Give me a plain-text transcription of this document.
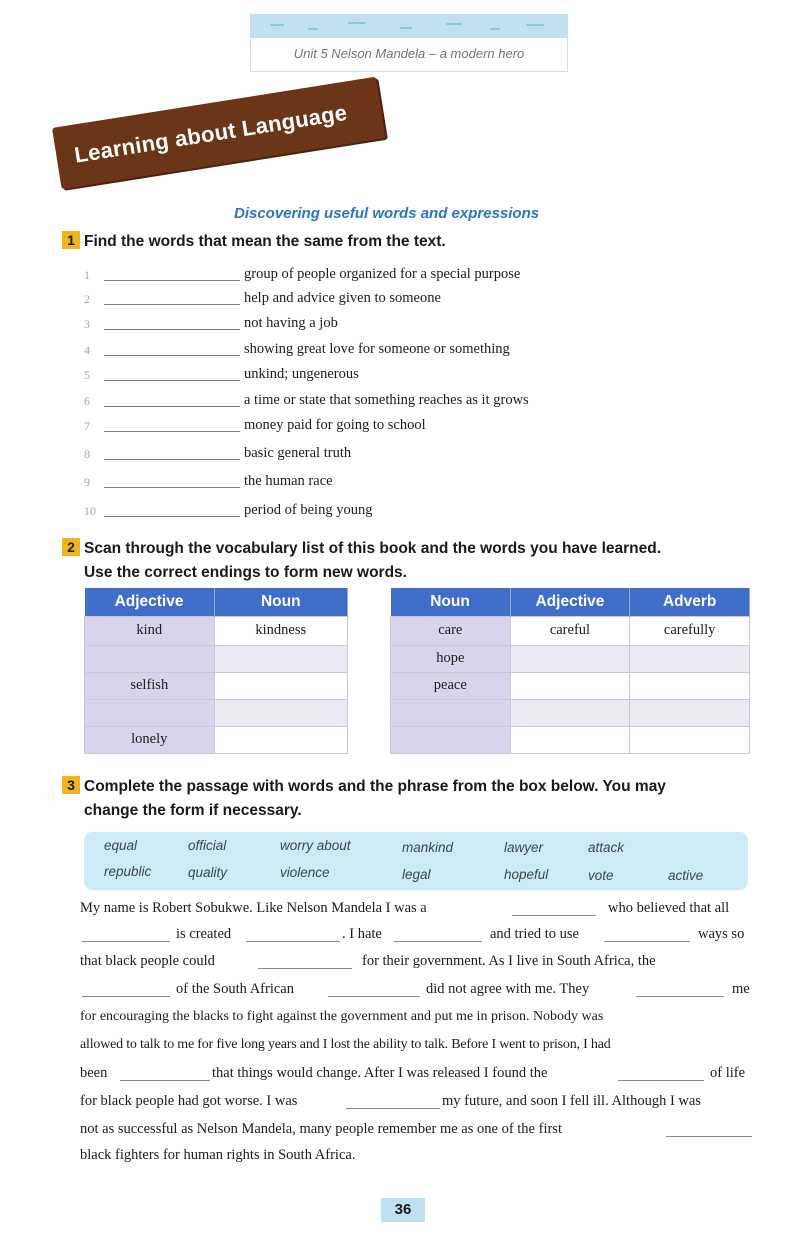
Unit 5 Nelson Mandela – a modern hero
Learning about Language
Discovering useful words and expressions
1 Find the words that mean the same from the text.
1	group of people organized for a special purpose
2	help and advice given to someone
3	not having a job
4	showing great love for someone or something
5	unkind; ungenerous
6	a time or state that something reaches as it grows
7	money paid for going to school
8	basic general truth
9	the human race
10	period of being young
2 Scan through the vocabulary list of this book and the words you have learned.
Use the correct endings to form new words.
Adjective	Noun
kind	kindness

selfish	

lonely	
Noun	Adjective	Adverb
care	careful	carefully
hope		
peace		

3 Complete the passage with words and the phrase from the box below. You may
change the form if necessary.
equal	official	worry about	mankind	lawyer	attack
republic	quality	violence	legal	hopeful	vote	active
My name is Robert Sobukwe. Like Nelson Mandela I was a	who believed that all
is created	. I hate	and tried to use	ways so
that black people could	for their government. As I live in South Africa, the
of the South African	did not agree with me. They	me
for encouraging the blacks to fight against the government and put me in prison. Nobody was
allowed to talk to me for five long years and I lost the ability to talk. Before I went to prison, I had
been	that things would change. After I was released I found the	of life
for black people had got worse. I was	my future, and soon I fell ill. Although I was
not as successful as Nelson Mandela, many people remember me as one of the first
black fighters for human rights in South Africa.
36
